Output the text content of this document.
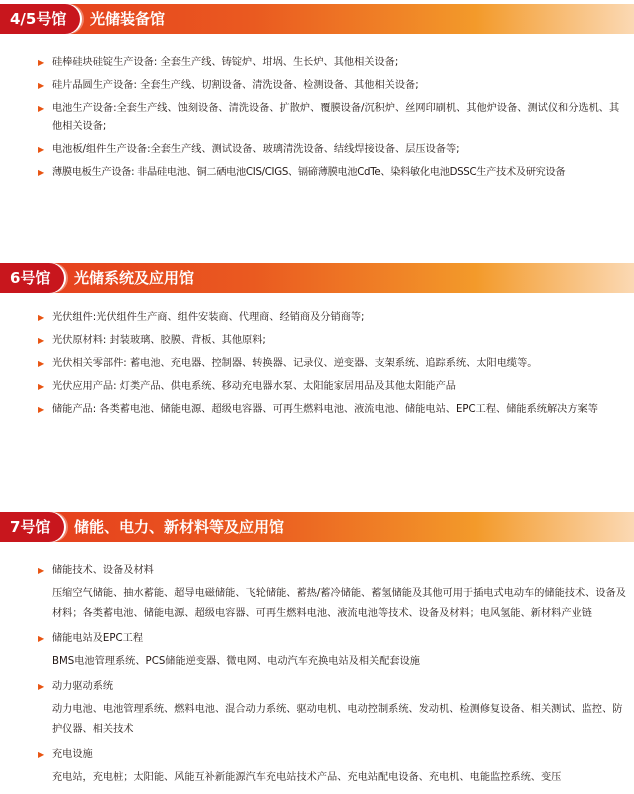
4/5号馆	光储装备馆
▶ 硅棒硅块硅锭生产设备: 全套生产线、铸锭炉、坩埚、生长炉、其他相关设备;
▶ 硅片晶圆生产设备: 全套生产线、切割设备、清洗设备、检测设备、其他相关设备;
▶ 电池生产设备:全套生产线、蚀刻设备、清洗设备、扩散炉、覆膜设备/沉积炉、丝网印刷机、其他炉设备、测试仪和分选机、其他相关设备;
▶ 电池板/组件生产设备:全套生产线、测试设备、玻璃清洗设备、结线焊接设备、层压设备等;
▶ 薄膜电板生产设备: 非晶硅电池、铜二硒电池CIS/CIGS、镉碲薄膜电池CdTe、染料敏化电池DSSC生产技术及研究设备
6号馆	光储系统及应用馆
▶ 光伏组件:光伏组件生产商、组件安装商、代理商、经销商及分销商等;
▶ 光伏原材料: 封装玻璃、胶膜、背板、其他原料;
▶ 光伏相关零部件: 蓄电池、充电器、控制器、转换器、记录仪、逆变器、支架系统、追踪系统、太阳电缆等。
▶ 光伏应用产品: 灯类产品、供电系统、移动充电器水泵、太阳能家居用品及其他太阳能产品
▶ 储能产品: 各类蓄电池、储能电源、超级电容器、可再生燃料电池、液流电池、储能电站、EPC工程、储能系统解决方案等
7号馆	储能、电力、新材料等及应用馆
▶ 储能技术、设备及材料
压缩空气储能、抽水蓄能、超导电磁储能、飞轮储能、蓄热/蓄冷储能、蓄氢储能及其他可用于插电式电动车的储能技术、设备及材料；各类蓄电池、储能电源、超级电容器、可再生燃料电池、液流电池等技术、设备及材料；电风氢能、新材料产业链
▶ 储能电站及EPC工程
BMS电池管理系统、PCS储能逆变器、微电网、电动汽车充换电站及相关配套设施
▶ 动力驱动系统
动力电池、电池管理系统、燃料电池、混合动力系统、驱动电机、电动控制系统、发动机、检测修复设备、相关测试、监控、防护仪器、相关技术
▶ 充电设施
充电站，充电桩；太阳能、风能互补新能源汽车充电站技术产品、充电站配电设备、充电机、电能监控系统、变压
